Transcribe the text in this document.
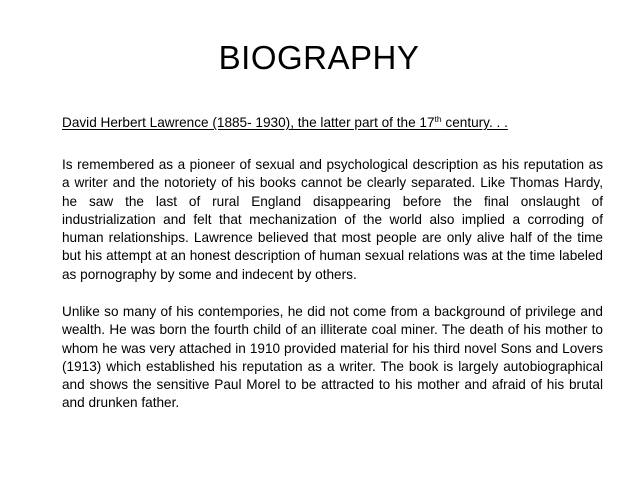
BIOGRAPHY
David Herbert Lawrence (1885- 1930), the latter part of the 17th century. . .
Is remembered as a pioneer of sexual and psychological description as his reputation as a writer and the notoriety of his books cannot be clearly separated. Like Thomas Hardy, he saw the last of rural England disappearing before the final onslaught of industrialization and felt that mechanization of the world also implied a corroding of human relationships. Lawrence believed that most people are only alive half of the time but his attempt at an honest description of human sexual relations was at the time labeled as pornography by some and indecent by others.
Unlike so many of his contempories, he did not come from a background of privilege and wealth. He was born the fourth child of an illiterate coal miner. The death of his mother to whom he was very attached in 1910 provided material for his third novel Sons and Lovers (1913) which established his reputation as a writer. The book is largely autobiographical and shows the sensitive Paul Morel to be attracted to his mother and afraid of his brutal and drunken father.
